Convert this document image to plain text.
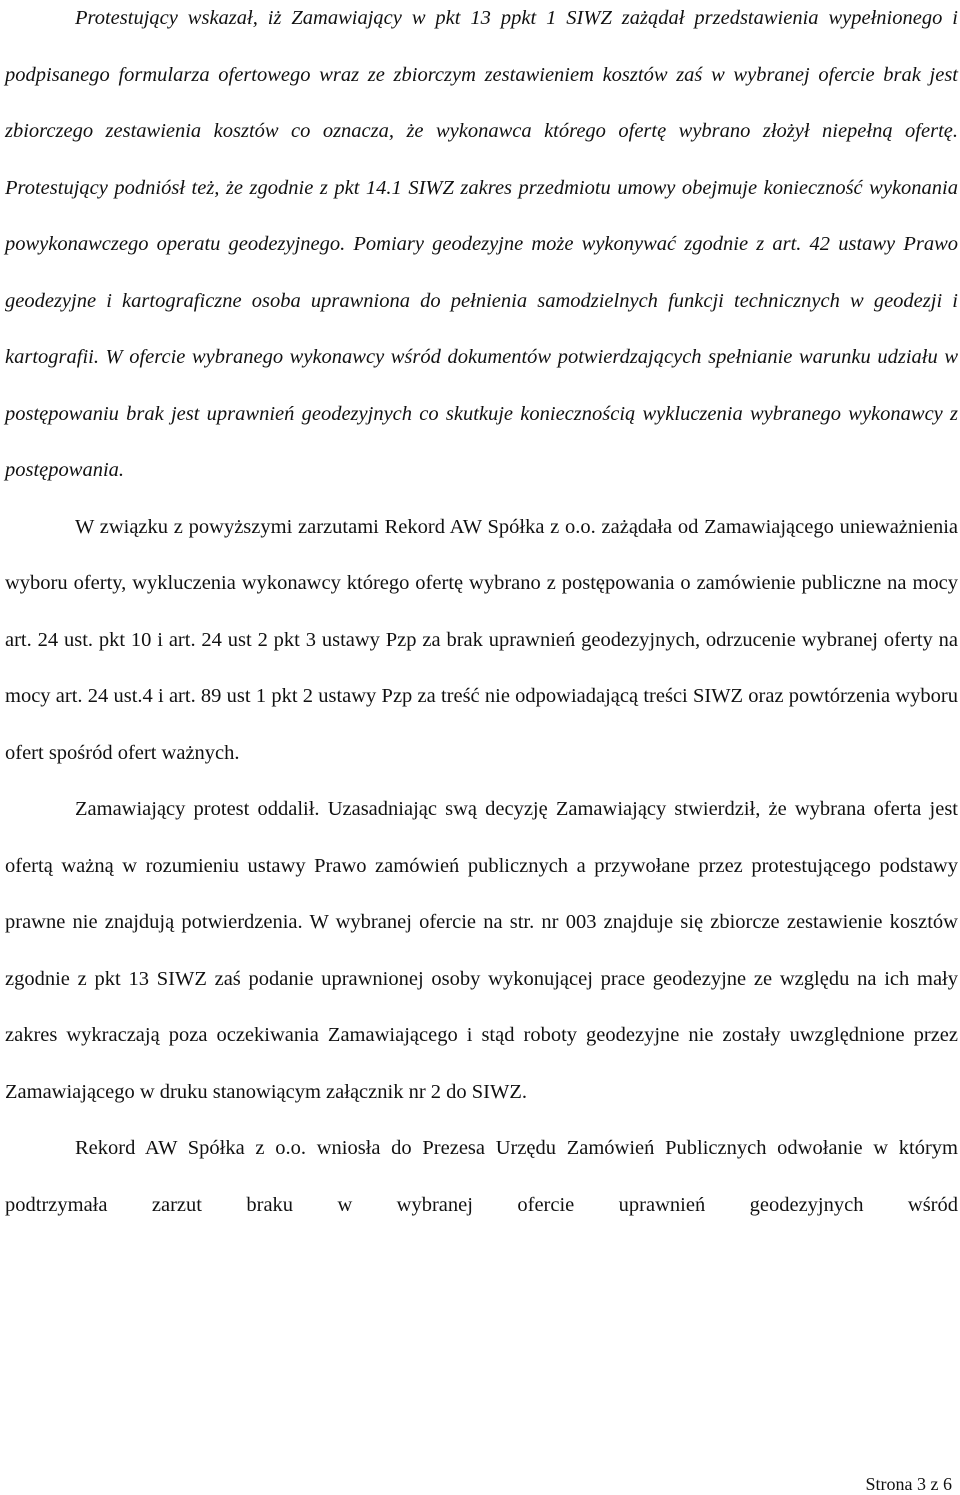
Protestujący wskazał, iż Zamawiający w pkt 13 ppkt 1 SIWZ zażądał przedstawienia wypełnionego i podpisanego formularza ofertowego wraz ze zbiorczym zestawieniem kosztów zaś w wybranej ofercie brak jest zbiorczego zestawienia kosztów co oznacza, że wykonawca którego ofertę wybrano złożył niepełną ofertę. Protestujący podniósł też, że zgodnie z pkt 14.1 SIWZ zakres przedmiotu umowy obejmuje konieczność wykonania powykonawczego operatu geodezyjnego. Pomiary geodezyjne może wykonywać zgodnie z art. 42 ustawy Prawo geodezyjne i kartograficzne osoba uprawniona do pełnienia samodzielnych funkcji technicznych w geodezji i kartografii. W ofercie wybranego wykonawcy wśród dokumentów potwierdzających spełnianie warunku udziału w postępowaniu brak jest uprawnień geodezyjnych co skutkuje koniecznością wykluczenia wybranego wykonawcy z postępowania.

W związku z powyższymi zarzutami Rekord AW Spółka z o.o. zażądała od Zamawiającego unieważnienia wyboru oferty, wykluczenia wykonawcy którego ofertę wybrano z postępowania o zamówienie publiczne na mocy art. 24 ust. pkt 10 i art. 24 ust 2 pkt 3 ustawy Pzp za brak uprawnień geodezyjnych, odrzucenie wybranej oferty na mocy art. 24 ust.4 i art. 89 ust 1 pkt 2 ustawy Pzp za treść nie odpowiadającą treści SIWZ oraz powtórzenia wyboru ofert spośród ofert ważnych.

Zamawiający protest oddalił. Uzasadniając swą decyzję Zamawiający stwierdził, że wybrana oferta jest ofertą ważną w rozumieniu ustawy Prawo zamówień publicznych a przywołane przez protestującego podstawy prawne nie znajdują potwierdzenia. W wybranej ofercie na str. nr 003 znajduje się zbiorcze zestawienie kosztów zgodnie z pkt 13 SIWZ zaś podanie uprawnionej osoby wykonującej prace geodezyjne ze względu na ich mały zakres wykraczają poza oczekiwania Zamawiającego i stąd roboty geodezyjne nie zostały uwzględnione przez Zamawiającego w druku stanowiącym załącznik nr 2 do SIWZ.

Rekord AW Spółka z o.o. wniosła do Prezesa Urzędu Zamówień Publicznych odwołanie w którym podtrzymała zarzut braku w wybranej ofercie uprawnień geodezyjnych wśród

Strona 3 z 6
